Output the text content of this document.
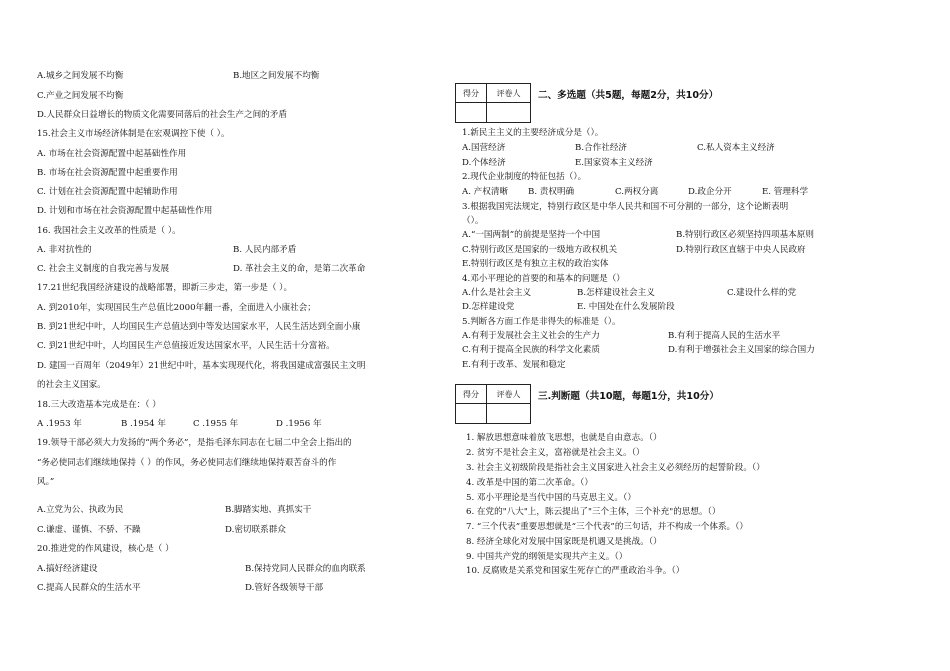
A.城乡之间发展不均衡	B.地区之间发展不均衡
C.产业之间发展不均衡
D.人民群众日益增长的物质文化需要同落后的社会生产之间的矛盾
15.社会主义市场经济体制是在宏观调控下使（ ）。
A. 市场在社会资源配置中起基础性作用
B. 市场在社会资源配置中起重要作用
C. 计划在社会资源配置中起辅助作用
D. 计划和市场在社会资源配置中起基础性作用
16. 我国社会主义改革的性质是（ ）。
A. 非对抗性的	B. 人民内部矛盾
C. 社会主义制度的自我完善与发展	D. 革社会主义的命，是第二次革命
17.21世纪我国经济建设的战略部署，即新三步走，第一步是（ ）。
A. 到2010年，实现国民生产总值比2000年翻一番，全面进入小康社会；
B. 到21世纪中叶，人均国民生产总值达到中等发达国家水平，人民生活达到全面小康
C. 到21世纪中叶，人均国民生产总值接近发达国家水平，人民生活十分富裕。
D. 建国一百周年（2049年）21世纪中叶，基本实现现代化，将我国建成富强民主文明
的社会主义国家。
18.三大改造基本完成是在：（ ）
A .1953 年	B .1954 年	C .1955 年	D .1956 年
19.领导干部必须大力发扬的“两个务必”，是指毛泽东同志在七届二中全会上指出的
“务必使同志们继续地保持（ ）的作风，务必使同志们继续地保持艰苦奋斗的作
风。”
A.立党为公、执政为民	B.脚踏实地、真抓实干
C.谦虚、谨慎、不骄、不躁	D.密切联系群众
20.推进党的作风建设，核心是（ ）
A.搞好经济建设	B.保持党同人民群众的血肉联系
C.提高人民群众的生活水平	D.管好各级领导干部
得分	评卷人	二、多选题（共5题，每题2分，共10分）
1.新民主主义的主要经济成分是（）。
A.国营经济	B.合作社经济	C.私人资本主义经济
D.个体经济	E.国家资本主义经济
2.现代企业制度的特征包括（）。
A. 产权清晰 B. 责权明确	C.两权分离	D.政企分开	E. 管理科学
3.根据我国宪法规定，特别行政区是中华人民共和国不可分割的一部分，这个论断表明
（）。
A.“一国两制”的前提是坚持一个中国	B.特别行政区必须坚持四项基本原则
C.特别行政区是国家的一级地方政权机关	D.特别行政区直辖于中央人民政府
E.特别行政区是有独立主权的政治实体
4.邓小平理论的首要的和基本的问题是（）
A.什么是社会主义	B.怎样建设社会主义	C.建设什么样的党
D.怎样建设党	E. 中国处在什么发展阶段
5.判断各方面工作是非得失的标准是（）。
A.有利于发展社会主义社会的生产力	B.有利于提高人民的生活水平
C.有利于提高全民族的科学文化素质	D.有利于增强社会主义国家的综合国力
E.有利于改革、发展和稳定
得分	评卷人	三.判断题（共10题，每题1分，共10分）
1. 解放思想意味着放飞思想，也就是自由意志。（）
2. 贫穷不是社会主义，富裕就是社会主义。（）
3. 社会主义初级阶段是指社会主义国家进入社会主义必须经历的起誓阶段。（）
4. 改革是中国的第二次革命。（）
5. 邓小平理论是当代中国的马克思主义。（）
6. 在党的"八大"上，陈云提出了"三个主体，三个补充"的思想。（）
7. “三个代表”重要思想就是“三个代表”的三句话，并不构成一个体系。（）
8. 经济全球化对发展中国家既是机遇又是挑战。（）
9. 中国共产党的纲领是实现共产主义。（）
10. 反腐败是关系党和国家生死存亡的严重政治斗争。（）
